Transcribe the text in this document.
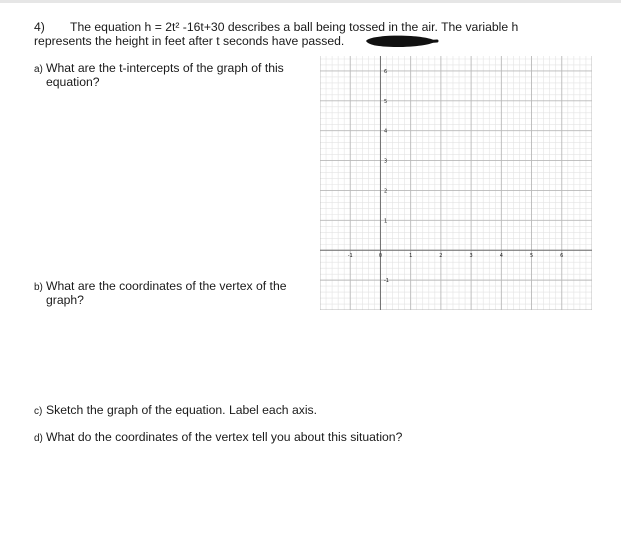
4) The equation h = 2t² -16t+30 describes a ball being tossed in the air. The variable h
represents the height in feet after t seconds have passed.
a) What are the t-intercepts of the graph of this
equation?
b) What are the coordinates of the vertex of the
graph?
c) Sketch the graph of the equation. Label each axis.
d) What do the coordinates of the vertex tell you about this situation?
-1	0	1	2	3	4	5	6
6
5
4
3
2
1
-1
